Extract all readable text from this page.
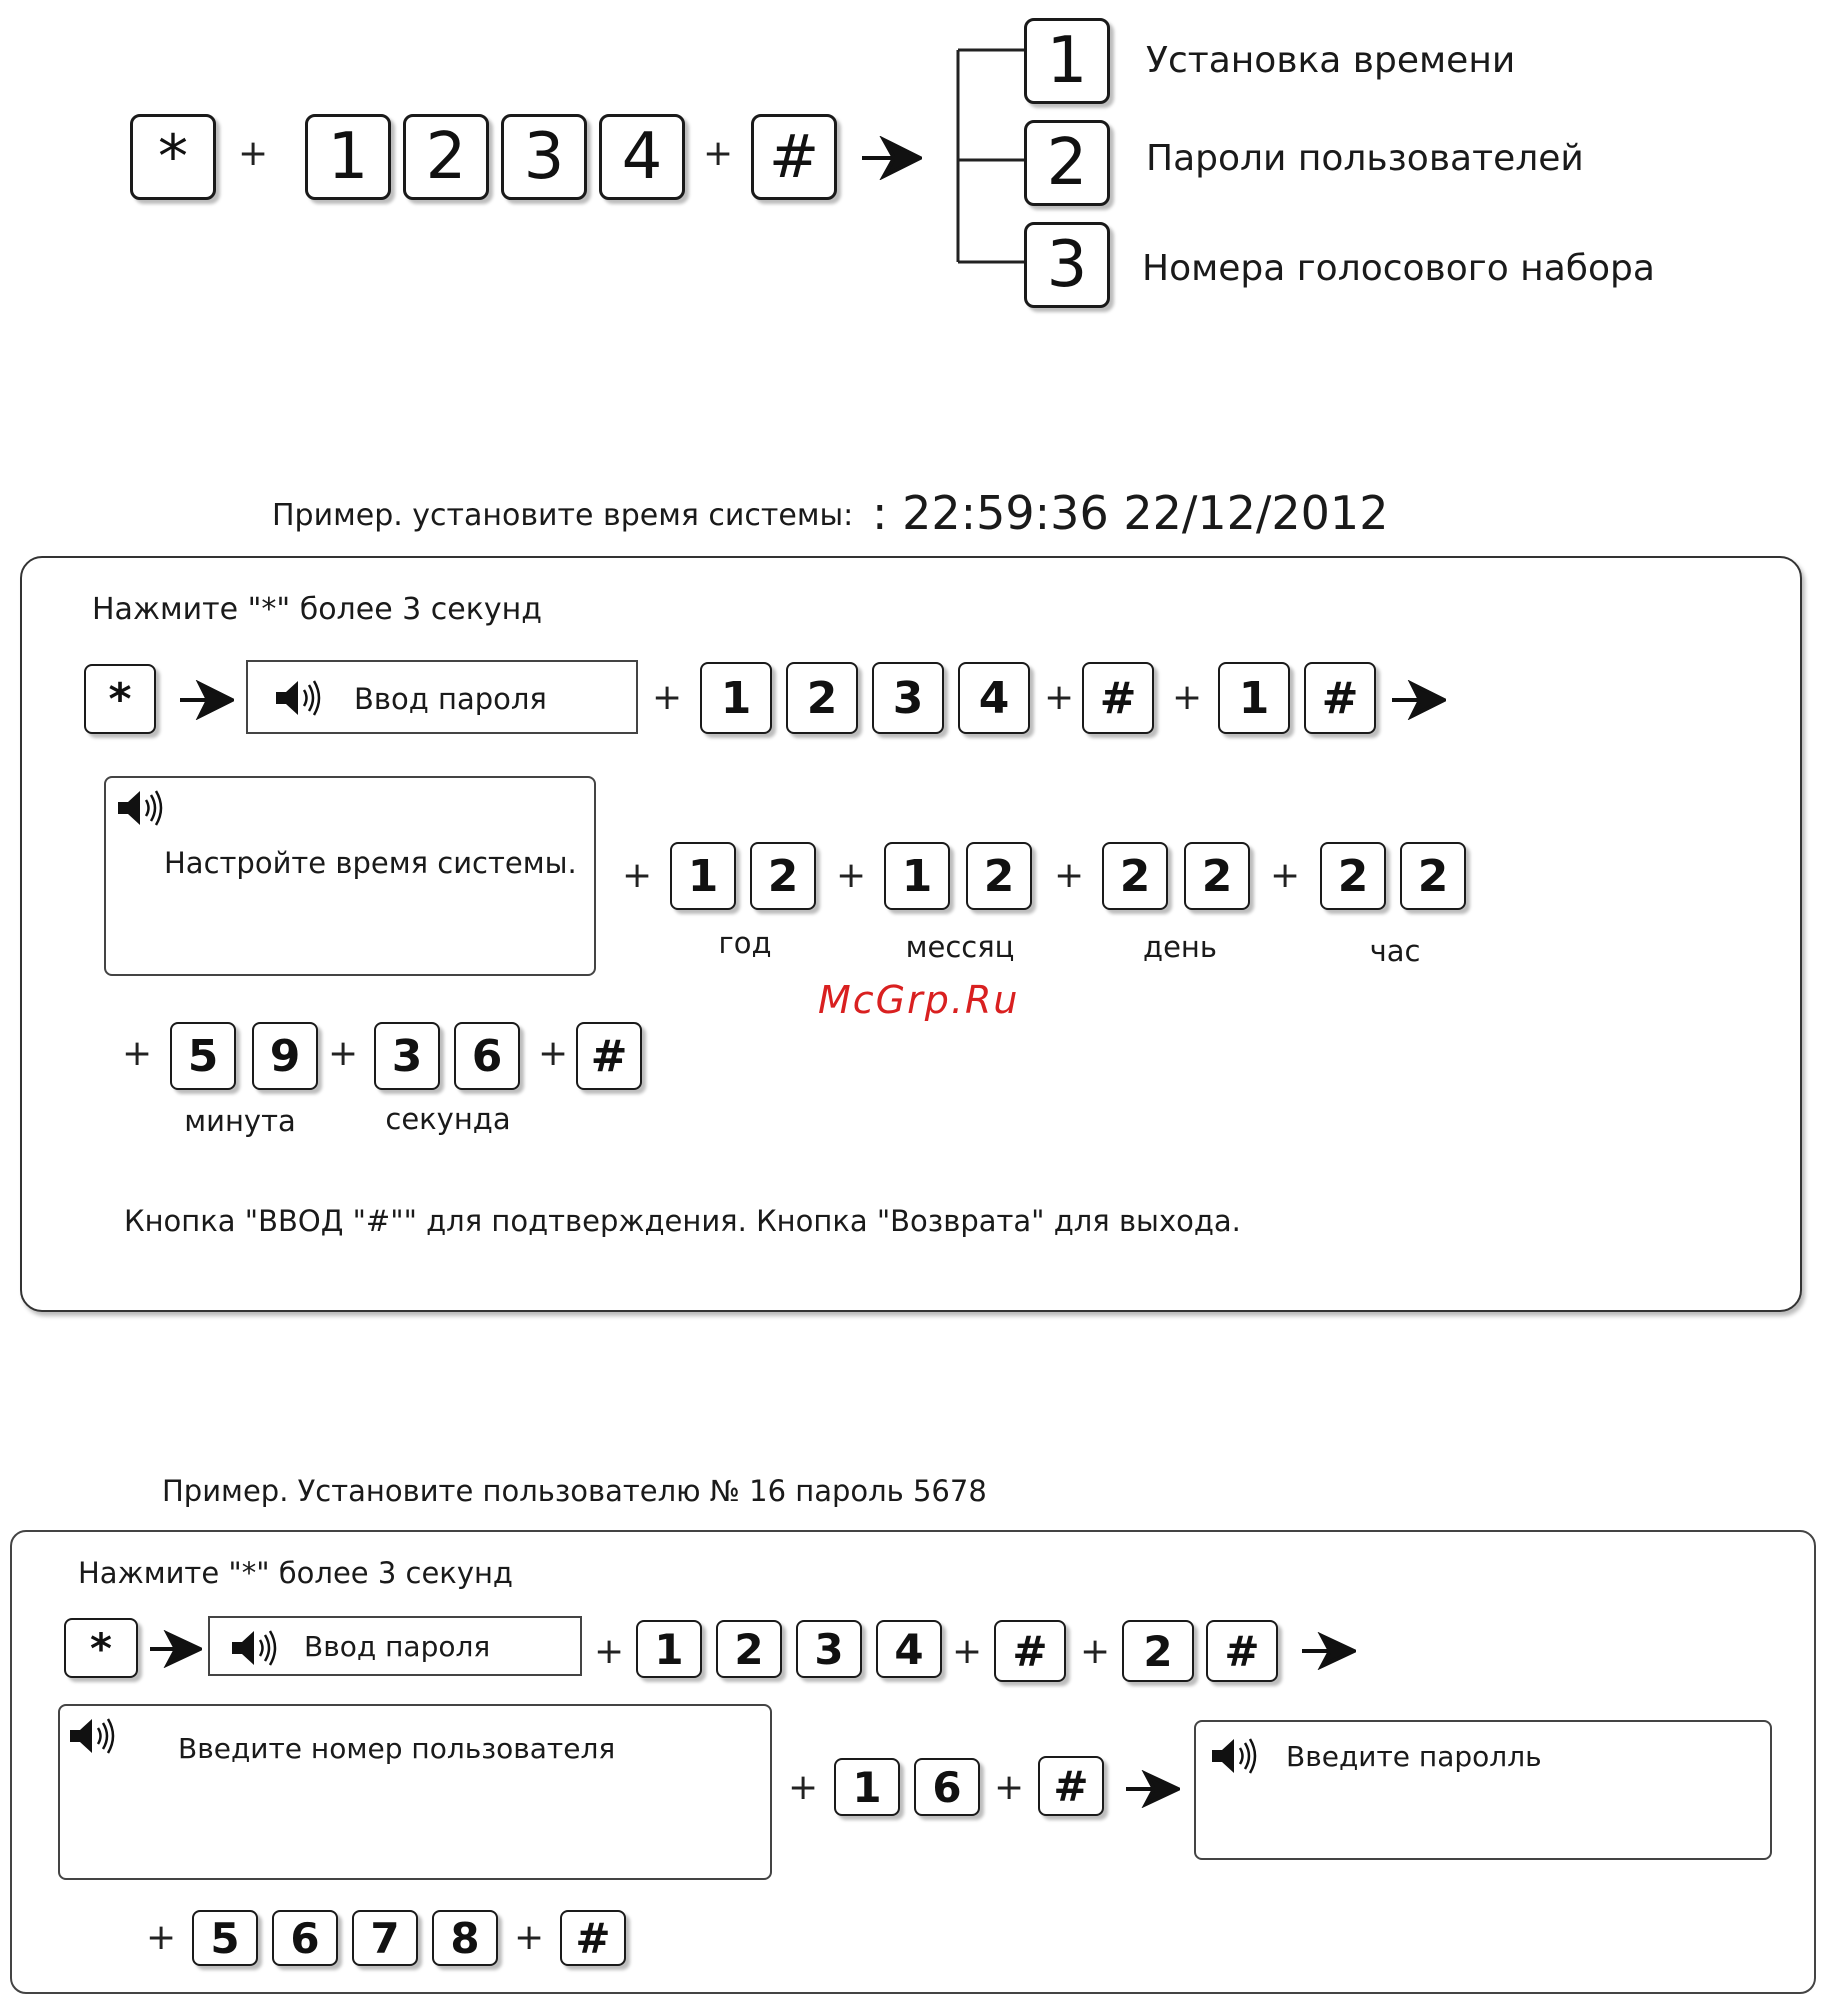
*	+ 1 2 3 4	+ #
1	Установка времени
2	Пароли пользователей
3	Номера голосового набора
Пример. установите время системы: : 22:59:36 22/12/2012
Нажмите "*" более 3 секунд
*	Ввод пароля	+ 1	2	3	4 + # + 1	#
Настройте время системы. + 1	2
год
+ 1	2
месcяц
+ 2	2
день
+ 2	2
час
+ 5	9
минута
+ 3	6
секунда
+ #
Кнопка "ВВОД "#"" для подтверждения. Кнопка "Возврата" для выхода.
McGrp.Ru
Пример. Установите пользователю № 16 пароль 5678
Нажмите "*" более 3 секунд
*	Ввод пароля	+ 1	2	3	4 + # + 2	#
Введите номер пользователя
+ 1	6 + #
Введите паролль
+ 5	6	7	8 + #
